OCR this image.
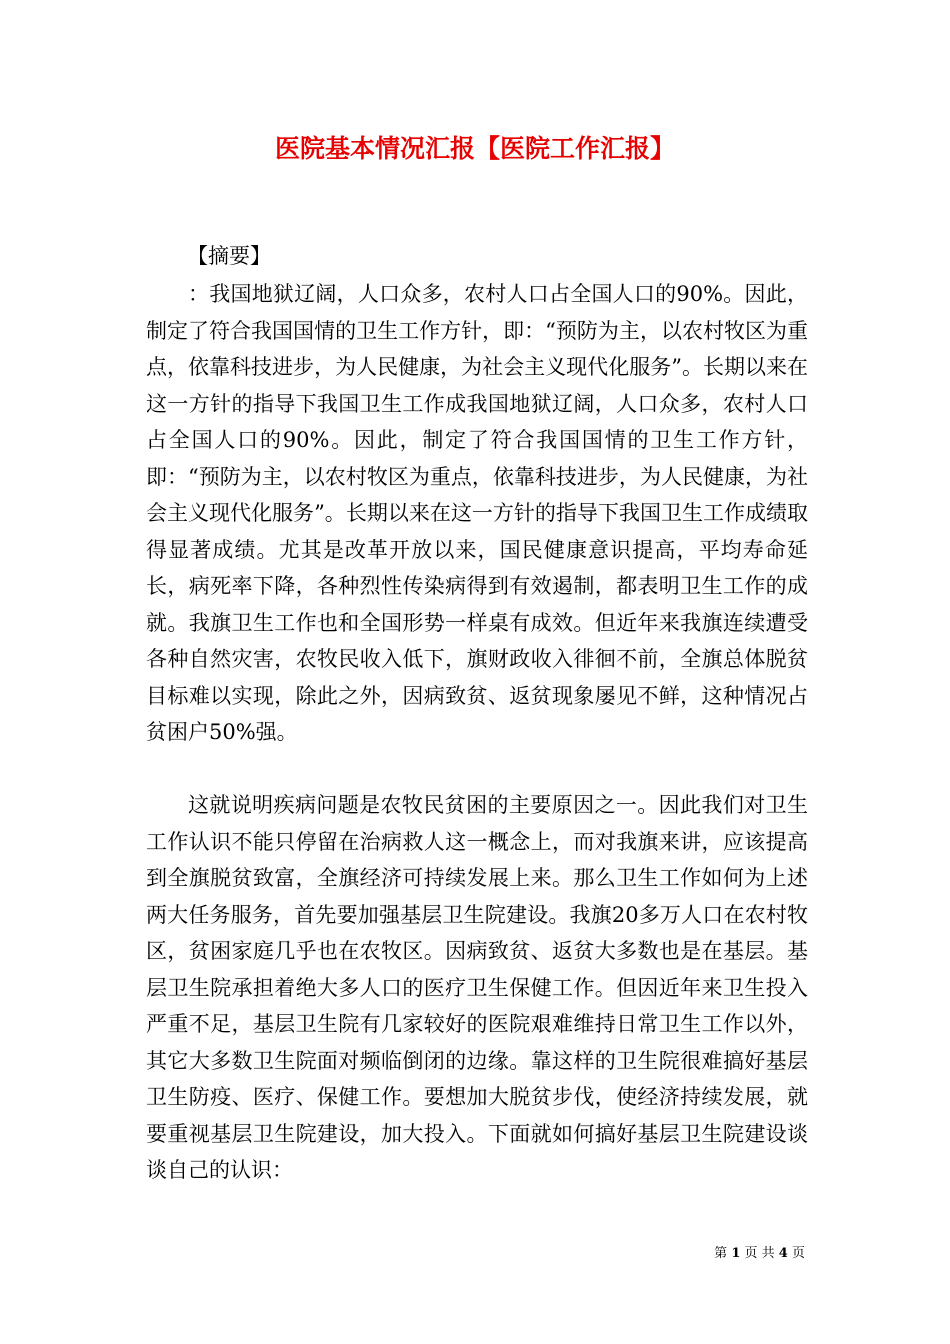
医院基本情况汇报【医院工作汇报】
【摘要】

：我国地狱辽阔，人口众多，农村人口占全国人口的90%。因此，制定了符合我国国情的卫生工作方针，即：“预防为主，以农村牧区为重点，依靠科技进步，为人民健康，为社会主义现代化服务”。长期以来在这一方针的指导下我国卫生工作成我国地狱辽阔，人口众多，农村人口占全国人口的90%。因此，制定了符合我国国情的卫生工作方针，即：“预防为主，以农村牧区为重点，依靠科技进步，为人民健康，为社会主义现代化服务”。长期以来在这一方针的指导下我国卫生工作成绩取得显著成绩。尤其是改革开放以来，国民健康意识提高，平均寿命延长，病死率下降，各种烈性传染病得到有效遏制，都表明卫生工作的成就。我旗卫生工作也和全国形势一样桌有成效。但近年来我旗连续遭受各种自然灾害，农牧民收入低下，旗财政收入徘徊不前，全旗总体脱贫目标难以实现，除此之外，因病致贫、返贫现象屡见不鲜，这种情况占贫困户50%强。

这就说明疾病问题是农牧民贫困的主要原因之一。因此我们对卫生工作认识不能只停留在治病救人这一概念上，而对我旗来讲，应该提高到全旗脱贫致富，全旗经济可持续发展上来。那么卫生工作如何为上述两大任务服务，首先要加强基层卫生院建设。我旗20多万人口在农村牧区，贫困家庭几乎也在农牧区。因病致贫、返贫大多数也是在基层。基层卫生院承担着绝大多人口的医疗卫生保健工作。但因近年来卫生投入严重不足，基层卫生院有几家较好的医院艰难维持日常卫生工作以外，其它大多数卫生院面对频临倒闭的边缘。靠这样的卫生院很难搞好基层卫生防疫、医疗、保健工作。要想加大脱贫步伐，使经济持续发展，就要重视基层卫生院建设，加大投入。下面就如何搞好基层卫生院建设谈谈自己的认识：

第 1 页 共 4 页
